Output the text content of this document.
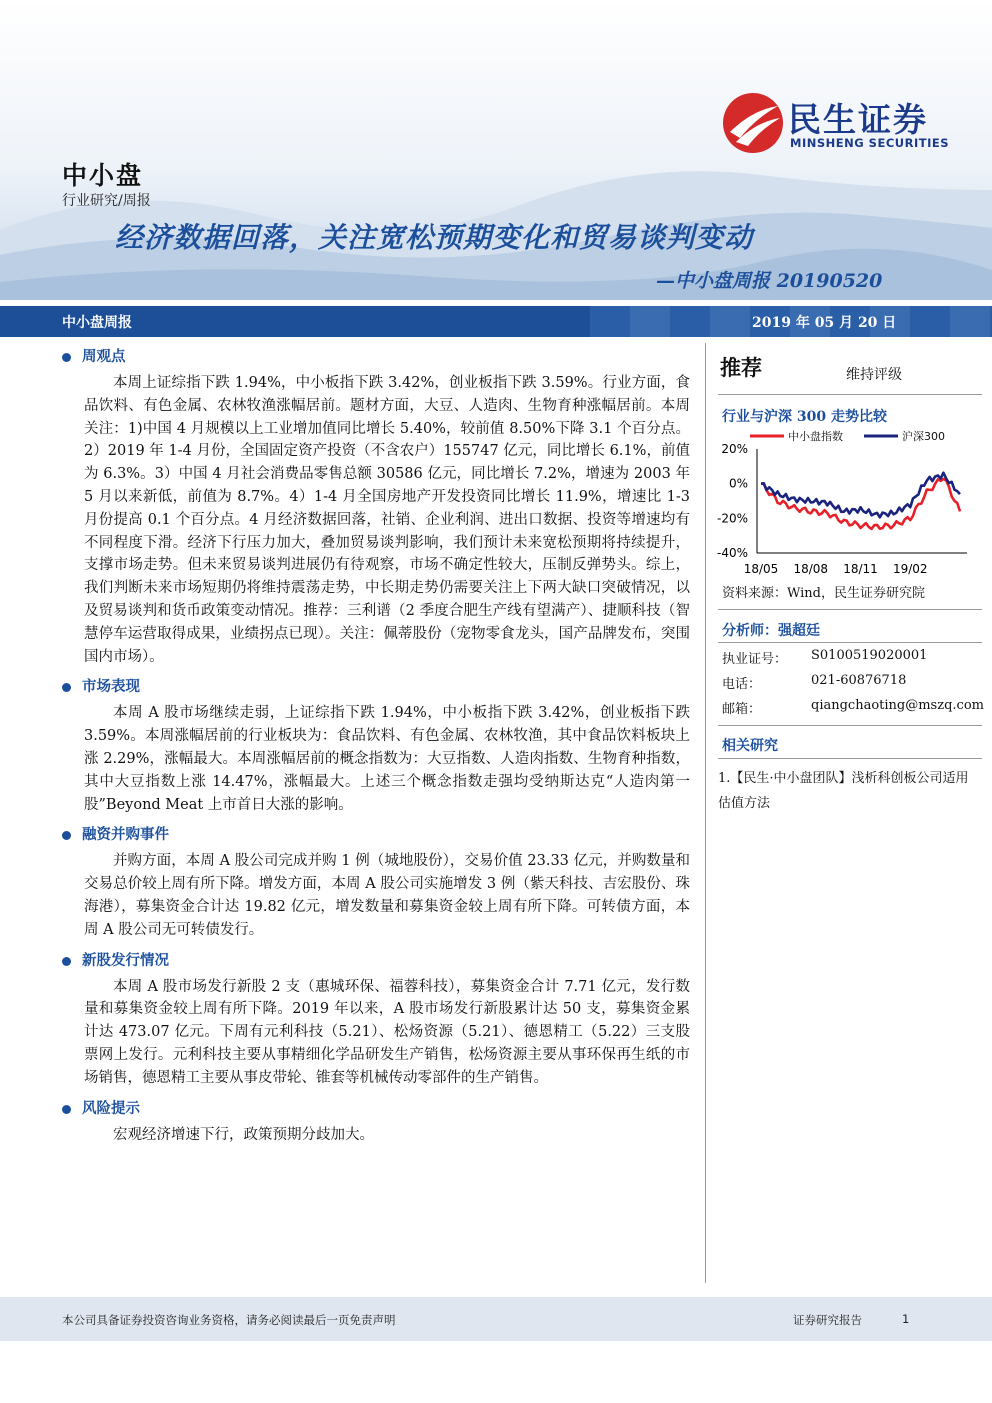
民生证券
MINSHENG SECURITIES
中小盘
行业研究/周报
经济数据回落，关注宽松预期变化和贸易谈判变动
—中小盘周报 20190520
中小盘周报	2019 年 05 月 20 日
周观点
本周上证综指下跌 1.94%，中小板指下跌 3.42%，创业板指下跌 3.59%。行业方面，食品饮料、有色金属、农林牧渔涨幅居前。题材方面，大豆、人造肉、生物育种涨幅居前。本周关注：1)中国 4 月规模以上工业增加值同比增长 5.40%，较前值 8.50%下降 3.1 个百分点。2）2019 年 1-4 月份，全国固定资产投资（不含农户）155747 亿元，同比增长 6.1%，前值为 6.3%。3）中国 4 月社会消费品零售总额 30586 亿元，同比增长 7.2%，增速为 2003 年 5 月以来新低，前值为 8.7%。4）1-4 月全国房地产开发投资同比增长 11.9%，增速比 1-3 月份提高 0.1 个百分点。4 月经济数据回落，社销、企业利润、进出口数据、投资等增速均有不同程度下滑。经济下行压力加大，叠加贸易谈判影响，我们预计未来宽松预期将持续提升，支撑市场走势。但未来贸易谈判进展仍有待观察，市场不确定性较大，压制反弹势头。综上，我们判断未来市场短期仍将维持震荡走势，中长期走势仍需要关注上下两大缺口突破情况，以及贸易谈判和货币政策变动情况。推荐：三利谱（2 季度合肥生产线有望满产）、捷顺科技（智慧停车运营取得成果，业绩拐点已现）。关注：佩蒂股份（宠物零食龙头，国产品牌发布，突围国内市场）。
市场表现
本周 A 股市场继续走弱，上证综指下跌 1.94%，中小板指下跌 3.42%，创业板指下跌 3.59%。本周涨幅居前的行业板块为：食品饮料、有色金属、农林牧渔，其中食品饮料板块上涨 2.29%，涨幅最大。本周涨幅居前的概念指数为：大豆指数、人造肉指数、生物育种指数，其中大豆指数上涨 14.47%，涨幅最大。上述三个概念指数走强均受纳斯达克“人造肉第一股”Beyond Meat 上市首日大涨的影响。
融资并购事件
并购方面，本周 A 股公司完成并购 1 例（城地股份），交易价值 23.33 亿元，并购数量和交易总价较上周有所下降。增发方面，本周 A 股公司实施增发 3 例（紫天科技、吉宏股份、珠海港），募集资金合计达 19.82 亿元，增发数量和募集资金较上周有所下降。可转债方面，本周 A 股公司无可转债发行。
新股发行情况
本周 A 股市场发行新股 2 支（惠城环保、福蓉科技），募集资金合计 7.71 亿元，发行数量和募集资金较上周有所下降。2019 年以来，A 股市场发行新股累计达 50 支，募集资金累计达 473.07 亿元。下周有元利科技（5.21）、松炀资源（5.21）、德恩精工（5.22）三支股票网上发行。元利科技主要从事精细化学品研发生产销售，松炀资源主要从事环保再生纸的市场销售，德恩精工主要从事皮带轮、锥套等机械传动零部件的生产销售。
风险提示
宏观经济增速下行，政策预期分歧加大。
推荐	维持评级
行业与沪深 300 走势比较
20%
0%
-20%
-40%
18/05 18/08 18/11 19/02
中小盘指数	沪深300
资料来源：Wind，民生证券研究院
分析师：强超廷
执业证号： S0100519020001
电话：	021-60876718
邮箱：	qiangchaoting@mszq.com
相关研究
1.【民生·中小盘团队】浅析科创板公司适用估值方法
本公司具备证券投资咨询业务资格，请务必阅读最后一页免责声明	证券研究报告	1
